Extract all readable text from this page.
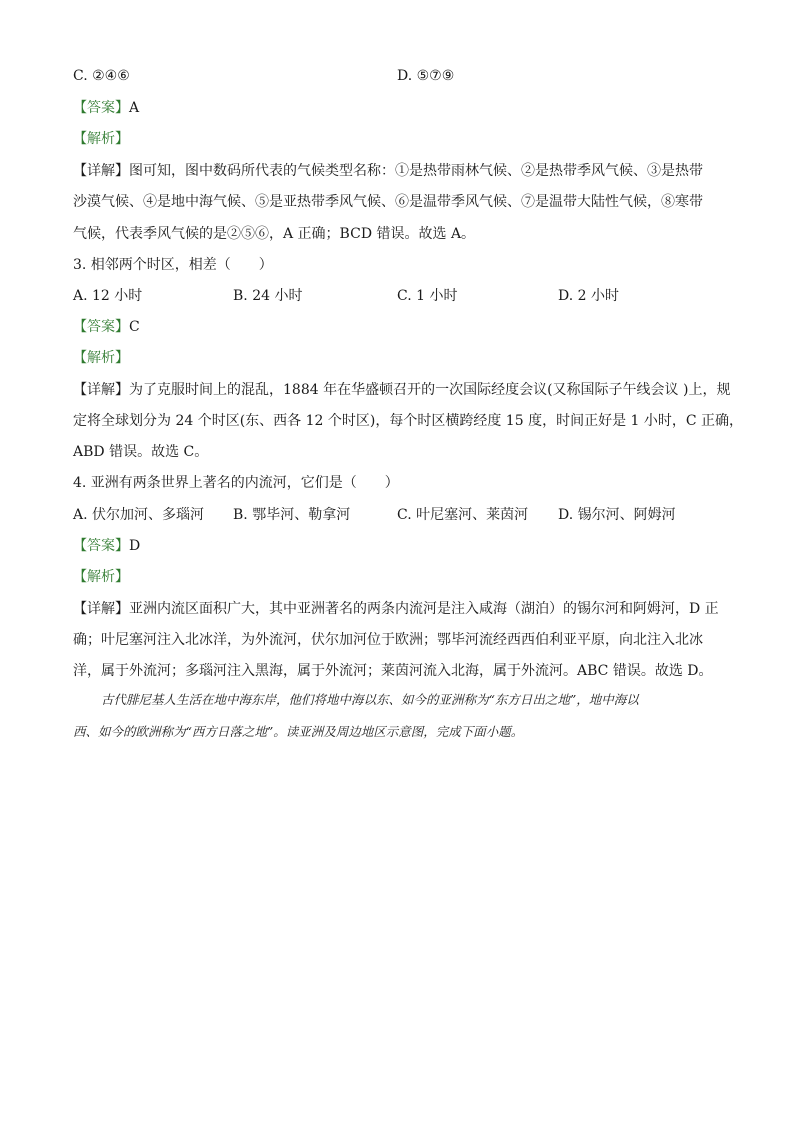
C. ②④⑥	D. ⑤⑦⑨
【答案】A
【解析】
【详解】图可知，图中数码所代表的气候类型名称：①是热带雨林气候、②是热带季风气候、③是热带
沙漠气候、④是地中海气候、⑤是亚热带季风气候、⑥是温带季风气候、⑦是温带大陆性气候，⑧寒带
气候，代表季风气候的是②⑤⑥，A 正确；BCD 错误。故选 A。
3. 相邻两个时区，相差（　　）
A. 12 小时	B. 24 小时	C. 1 小时	D. 2 小时
【答案】C
【解析】
【详解】为了克服时间上的混乱，1884 年在华盛顿召开的一次国际经度会议(又称国际子午线会议 )上，规
定将全球划分为 24 个时区(东、西各 12 个时区)，每个时区横跨经度 15 度，时间正好是 1 小时，C 正确，
ABD 错误。故选 C。
4. 亚洲有两条世界上著名的内流河，它们是（　　）
A. 伏尔加河、多瑙河 B. 鄂毕河、勒拿河	C. 叶尼塞河、莱茵河 D. 锡尔河、阿姆河
【答案】D
【解析】
【详解】亚洲内流区面积广大，其中亚洲著名的两条内流河是注入咸海（湖泊）的锡尔河和阿姆河，D 正
确；叶尼塞河注入北冰洋，为外流河，伏尔加河位于欧洲；鄂毕河流经西西伯利亚平原，向北注入北冰
洋，属于外流河；多瑙河注入黑海，属于外流河；莱茵河流入北海，属于外流河。ABC 错误。故选 D。
古代腓尼基人生活在地中海东岸，他们将地中海以东、如今的亚洲称为“东方日出之地”，地中海以
西、如今的欧洲称为“西方日落之地”。读亚洲及周边地区示意图，完成下面小题。
